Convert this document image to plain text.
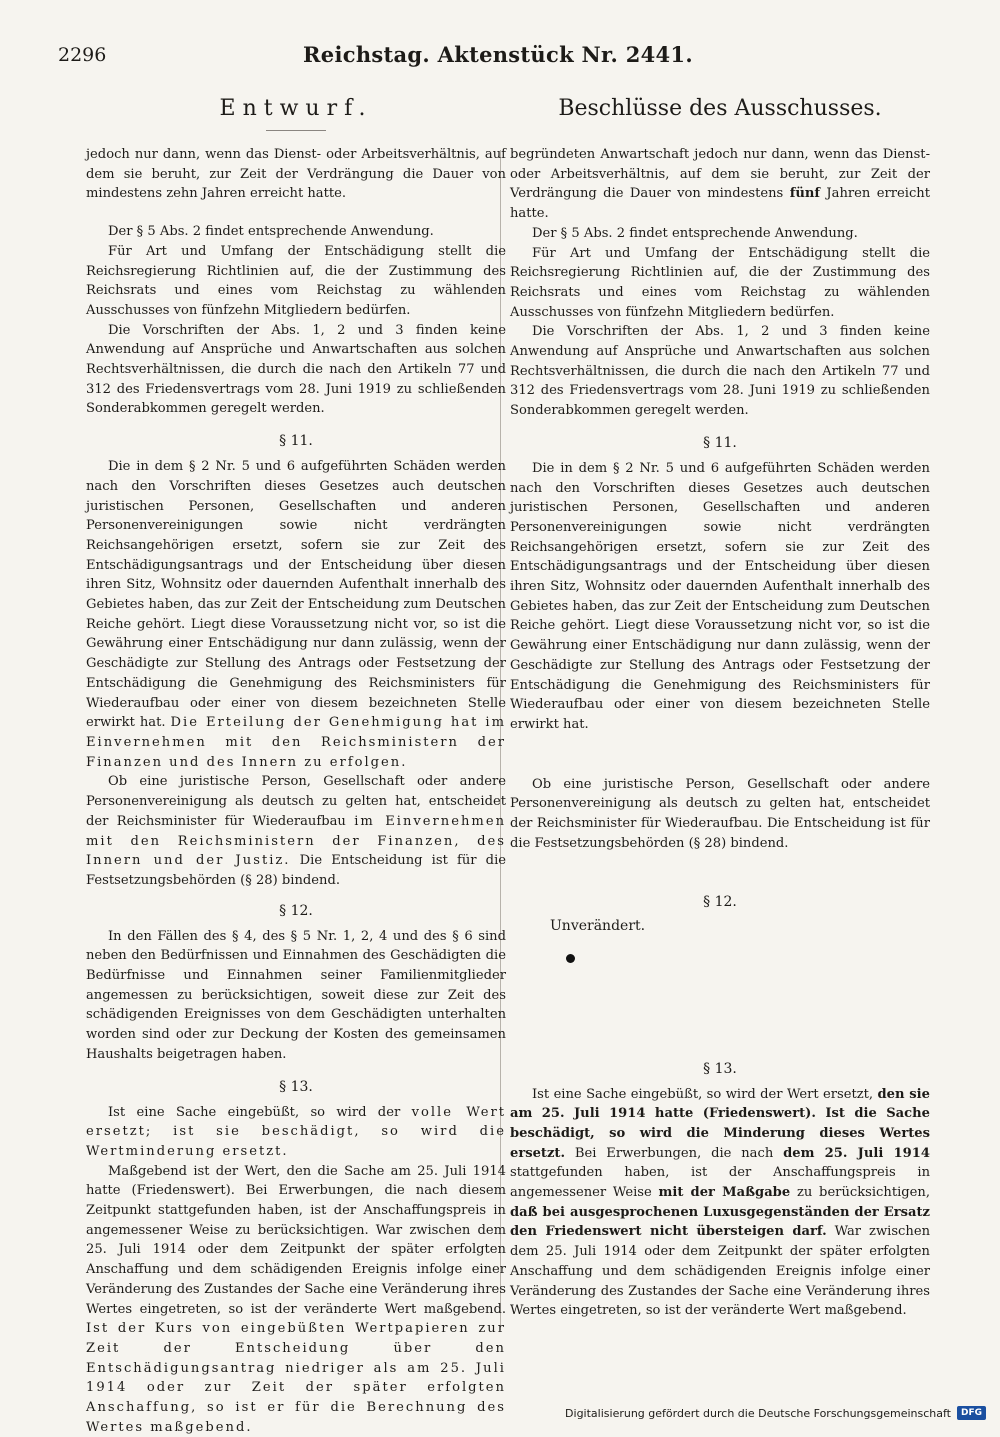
2296	Reichstag. Aktenstück Nr. 2441.
Entwurf.

jedoch nur dann, wenn das Dienst- oder Arbeitsverhältnis, auf dem sie beruht, zur Zeit der Verdrängung die Dauer von mindestens zehn Jahren erreicht hatte.

Der § 5 Abs. 2 findet entsprechende Anwendung.

Für Art und Umfang der Entschädigung stellt die Reichsregierung Richtlinien auf, die der Zustimmung des Reichsrats und eines vom Reichstag zu wählenden Ausschusses von fünfzehn Mitgliedern bedürfen.

Die Vorschriften der Abs. 1, 2 und 3 finden keine Anwendung auf Ansprüche und Anwartschaften aus solchen Rechtsverhältnissen, die durch die nach den Artikeln 77 und 312 des Friedensvertrags vom 28. Juni 1919 zu schließenden Sonderabkommen geregelt werden.

§ 11.

Die in dem § 2 Nr. 5 und 6 aufgeführten Schäden werden nach den Vorschriften dieses Gesetzes auch deutschen juristischen Personen, Gesellschaften und anderen Personenvereinigungen sowie nicht verdrängten Reichsangehörigen ersetzt, sofern sie zur Zeit des Entschädigungsantrags und der Entscheidung über diesen ihren Sitz, Wohnsitz oder dauernden Aufenthalt innerhalb des Gebietes haben, das zur Zeit der Entscheidung zum Deutschen Reiche gehört. Liegt diese Voraussetzung nicht vor, so ist die Gewährung einer Entschädigung nur dann zulässig, wenn der Geschädigte zur Stellung des Antrags oder Festsetzung der Entschädigung die Genehmigung des Reichsministers für Wiederaufbau oder einer von diesem bezeichneten Stelle erwirkt hat. Die Erteilung der Genehmigung hat im Einvernehmen mit den Reichsministern der Finanzen und des Innern zu erfolgen.

Ob eine juristische Person, Gesellschaft oder andere Personenvereinigung als deutsch zu gelten hat, entscheidet der Reichsminister für Wiederaufbau im Einvernehmen mit den Reichsministern der Finanzen, des Innern und der Justiz. Die Entscheidung ist für die Festsetzungsbehörden (§ 28) bindend.

§ 12.

In den Fällen des § 4, des § 5 Nr. 1, 2, 4 und des § 6 sind neben den Bedürfnissen und Einnahmen des Geschädigten die Bedürfnisse und Einnahmen seiner Familienmitglieder angemessen zu berücksichtigen, soweit diese zur Zeit des schädigenden Ereignisses von dem Geschädigten unterhalten worden sind oder zur Deckung der Kosten des gemeinsamen Haushalts beigetragen haben.

§ 13.

Ist eine Sache eingebüßt, so wird der volle Wert ersetzt; ist sie beschädigt, so wird die Wertminderung ersetzt.

Maßgebend ist der Wert, den die Sache am 25. Juli 1914 hatte (Friedenswert). Bei Erwerbungen, die nach diesem Zeitpunkt stattgefunden haben, ist der Anschaffungspreis in angemessener Weise zu berücksichtigen. War zwischen dem 25. Juli 1914 oder dem Zeitpunkt der später erfolgten Anschaffung und dem schädigenden Ereignis infolge einer Veränderung des Zustandes der Sache eine Veränderung ihres Wertes eingetreten, so ist der veränderte Wert maßgebend. Ist der Kurs von eingebüßten Wertpapieren zur Zeit der Entscheidung über den Entschädigungsantrag niedriger als am 25. Juli 1914 oder zur Zeit der später erfolgten Anschaffung, so ist er für die Berechnung des Wertes maßgebend.

Beschlüsse des Ausschusses.

begründeten Anwartschaft jedoch nur dann, wenn das Dienst- oder Arbeitsverhältnis, auf dem sie beruht, zur Zeit der Verdrängung die Dauer von mindestens fünf Jahren erreicht hatte.

Der § 5 Abs. 2 findet entsprechende Anwendung.

Für Art und Umfang der Entschädigung stellt die Reichsregierung Richtlinien auf, die der Zustimmung des Reichsrats und eines vom Reichstag zu wählenden Ausschusses von fünfzehn Mitgliedern bedürfen.

Die Vorschriften der Abs. 1, 2 und 3 finden keine Anwendung auf Ansprüche und Anwartschaften aus solchen Rechtsverhältnissen, die durch die nach den Artikeln 77 und 312 des Friedensvertrags vom 28. Juni 1919 zu schließenden Sonderabkommen geregelt werden.

§ 11.

Die in dem § 2 Nr. 5 und 6 aufgeführten Schäden werden nach den Vorschriften dieses Gesetzes auch deutschen juristischen Personen, Gesellschaften und anderen Personenvereinigungen sowie nicht verdrängten Reichsangehörigen ersetzt, sofern sie zur Zeit des Entschädigungsantrags und der Entscheidung über diesen ihren Sitz, Wohnsitz oder dauernden Aufenthalt innerhalb des Gebietes haben, das zur Zeit der Entscheidung zum Deutschen Reiche gehört. Liegt diese Voraussetzung nicht vor, so ist die Gewährung einer Entschädigung nur dann zulässig, wenn der Geschädigte zur Stellung des Antrags oder Festsetzung der Entschädigung die Genehmigung des Reichsministers für Wiederaufbau oder einer von diesem bezeichneten Stelle erwirkt hat.

Ob eine juristische Person, Gesellschaft oder andere Personenvereinigung als deutsch zu gelten hat, entscheidet der Reichsminister für Wiederaufbau. Die Entscheidung ist für die Festsetzungsbehörden (§ 28) bindend.

§ 12.
Unverändert.
§ 13.

Ist eine Sache eingebüßt, so wird der Wert ersetzt, den sie am 25. Juli 1914 hatte (Friedenswert). Ist die Sache beschädigt, so wird die Minderung dieses Wertes ersetzt. Bei Erwerbungen, die nach dem 25. Juli 1914 stattgefunden haben, ist der Anschaffungspreis in angemessener Weise mit der Maßgabe zu berücksichtigen, daß bei ausgesprochenen Luxusgegenständen der Ersatz den Friedenswert nicht übersteigen darf. War zwischen dem 25. Juli 1914 oder dem Zeitpunkt der später erfolgten Anschaffung und dem schädigenden Ereignis infolge einer Veränderung des Zustandes der Sache eine Veränderung ihres Wertes eingetreten, so ist der veränderte Wert maßgebend.

Digitalisierung gefördert durch die Deutsche Forschungsgemeinschaft	DFG
